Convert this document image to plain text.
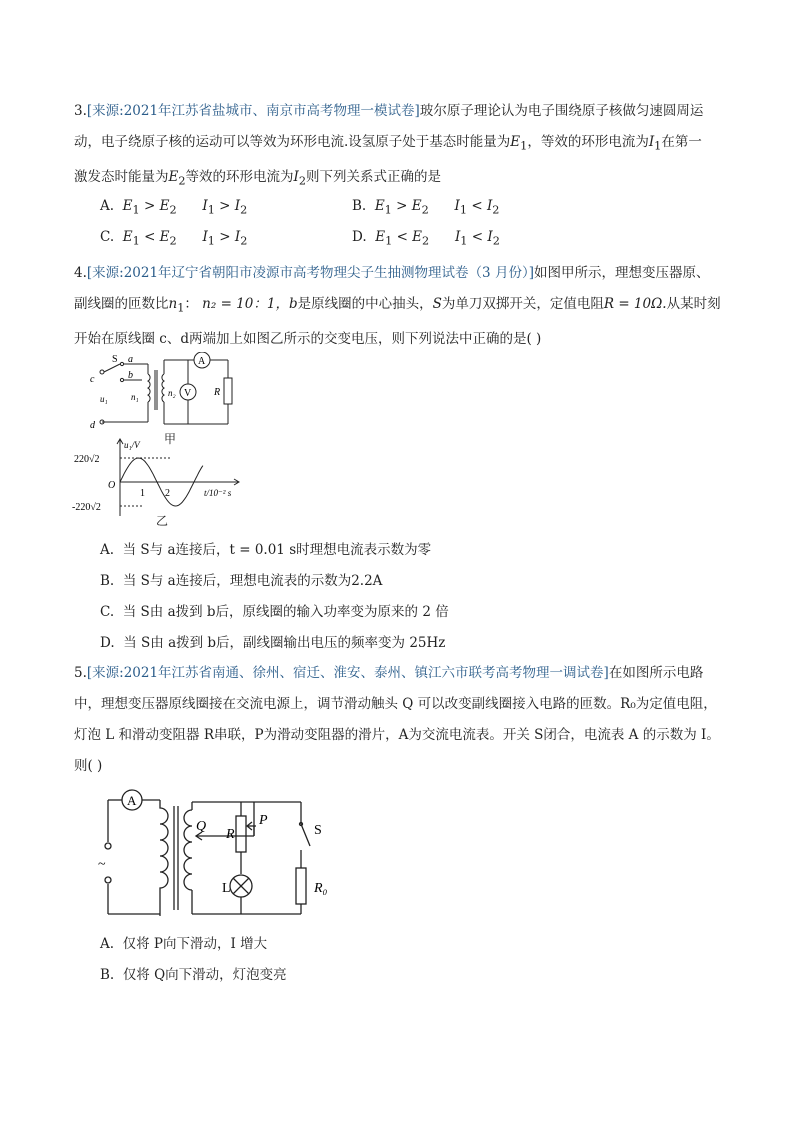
3.[来源:2021年江苏省盐城市、南京市高考物理一模试卷]玻尔原子理论认为电子围绕原子核做匀速圆周运
动，电子绕原子核的运动可以等效为环形电流.设氢原子处于基态时能量为$E_1$，等效的环形电流为$I_1$在第一
激发态时能量为$E_2$等效的环形电流为$I_2$则下列关系式正确的是
A. $E_1 > E_2$ $I_1 > I_2$	B. $E_1 > E_2$ $I_1 < I_2$
C. $E_1 < E_2$ $I_1 > I_2$	D. $E_1 < E_2$ $I_1 < I_2$
4.[来源:2021年辽宁省朝阳市凌源市高考物理尖子生抽测物理试卷（3 月份）]如图甲所示，理想变压器原、
副线圈的匝数比$n_1$： n₂ = 10：1，b是原线圈的中心抽头，S为单刀双掷开关，定值电阻R = 10Ω.从某时刻
开始在原线圈 c、d两端加上如图乙所示的交变电压，则下列说法中正确的是( )
c
d
S a
b
u₁	n₁	n₂
A
V R
甲
u₁/V
220√2
-220√2
O
1 2	t/10⁻² s
乙
A. 当 S与 a连接后，t = 0.01 s时理想电流表示数为零
B. 当 S与 a连接后，理想电流表的示数为2.2A
C. 当 S由 a拨到 b后，原线圈的输入功率变为原来的 2 倍
D. 当 S由 a拨到 b后，副线圈输出电压的频率变为 25Hz
5.[来源:2021年江苏省南通、徐州、宿迁、淮安、泰州、镇江六市联考高考物理一调试卷]在如图所示电路
中，理想变压器原线圈接在交流电源上，调节滑动触头 Q 可以改变副线圈接入电路的匝数。R₀为定值电阻，
灯泡 L 和滑动变阻器 R串联，P为滑动变阻器的滑片，A为交流电流表。开关 S闭合，电流表 A 的示数为 I。
则( )
A
~
Q
R
P
L
S
R₀
A. 仅将 P向下滑动，I 增大
B. 仅将 Q向下滑动，灯泡变亮
